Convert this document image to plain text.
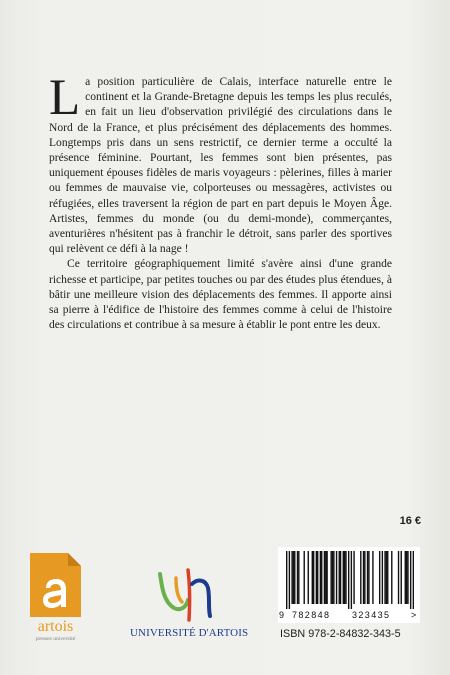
La position particulière de Calais, interface naturelle entre le continent et la Grande-Bretagne depuis les temps les plus reculés, en fait un lieu d'observation privilégié des circulations dans le Nord de la France, et plus précisément des déplacements des hommes. Longtemps pris dans un sens restrictif, ce dernier terme a occulté la présence féminine. Pourtant, les femmes sont bien présentes, pas uniquement épouses fidèles de maris voyageurs : pèlerines, filles à marier ou femmes de mauvaise vie, colporteuses ou messagères, activistes ou réfugiées, elles traversent la région de part en part depuis le Moyen Âge. Artistes, femmes du monde (ou du demi-monde), commerçantes, aventurières n'hésitent pas à franchir le détroit, sans parler des sportives qui relèvent ce défi à la nage !

Ce territoire géographiquement limité s'avère ainsi d'une grande richesse et participe, par petites touches ou par des études plus étendues, à bâtir une meilleure vision des déplacements des femmes. Il apporte ainsi sa pierre à l'édifice de l'histoire des femmes comme à celui de l'histoire des circulations et contribue à sa mesure à établir le pont entre les deux.

16 €
artois
presses université	UNIVERSITÉ D'ARTOIS
9 782848 323435 >
ISBN 978-2-84832-343-5
